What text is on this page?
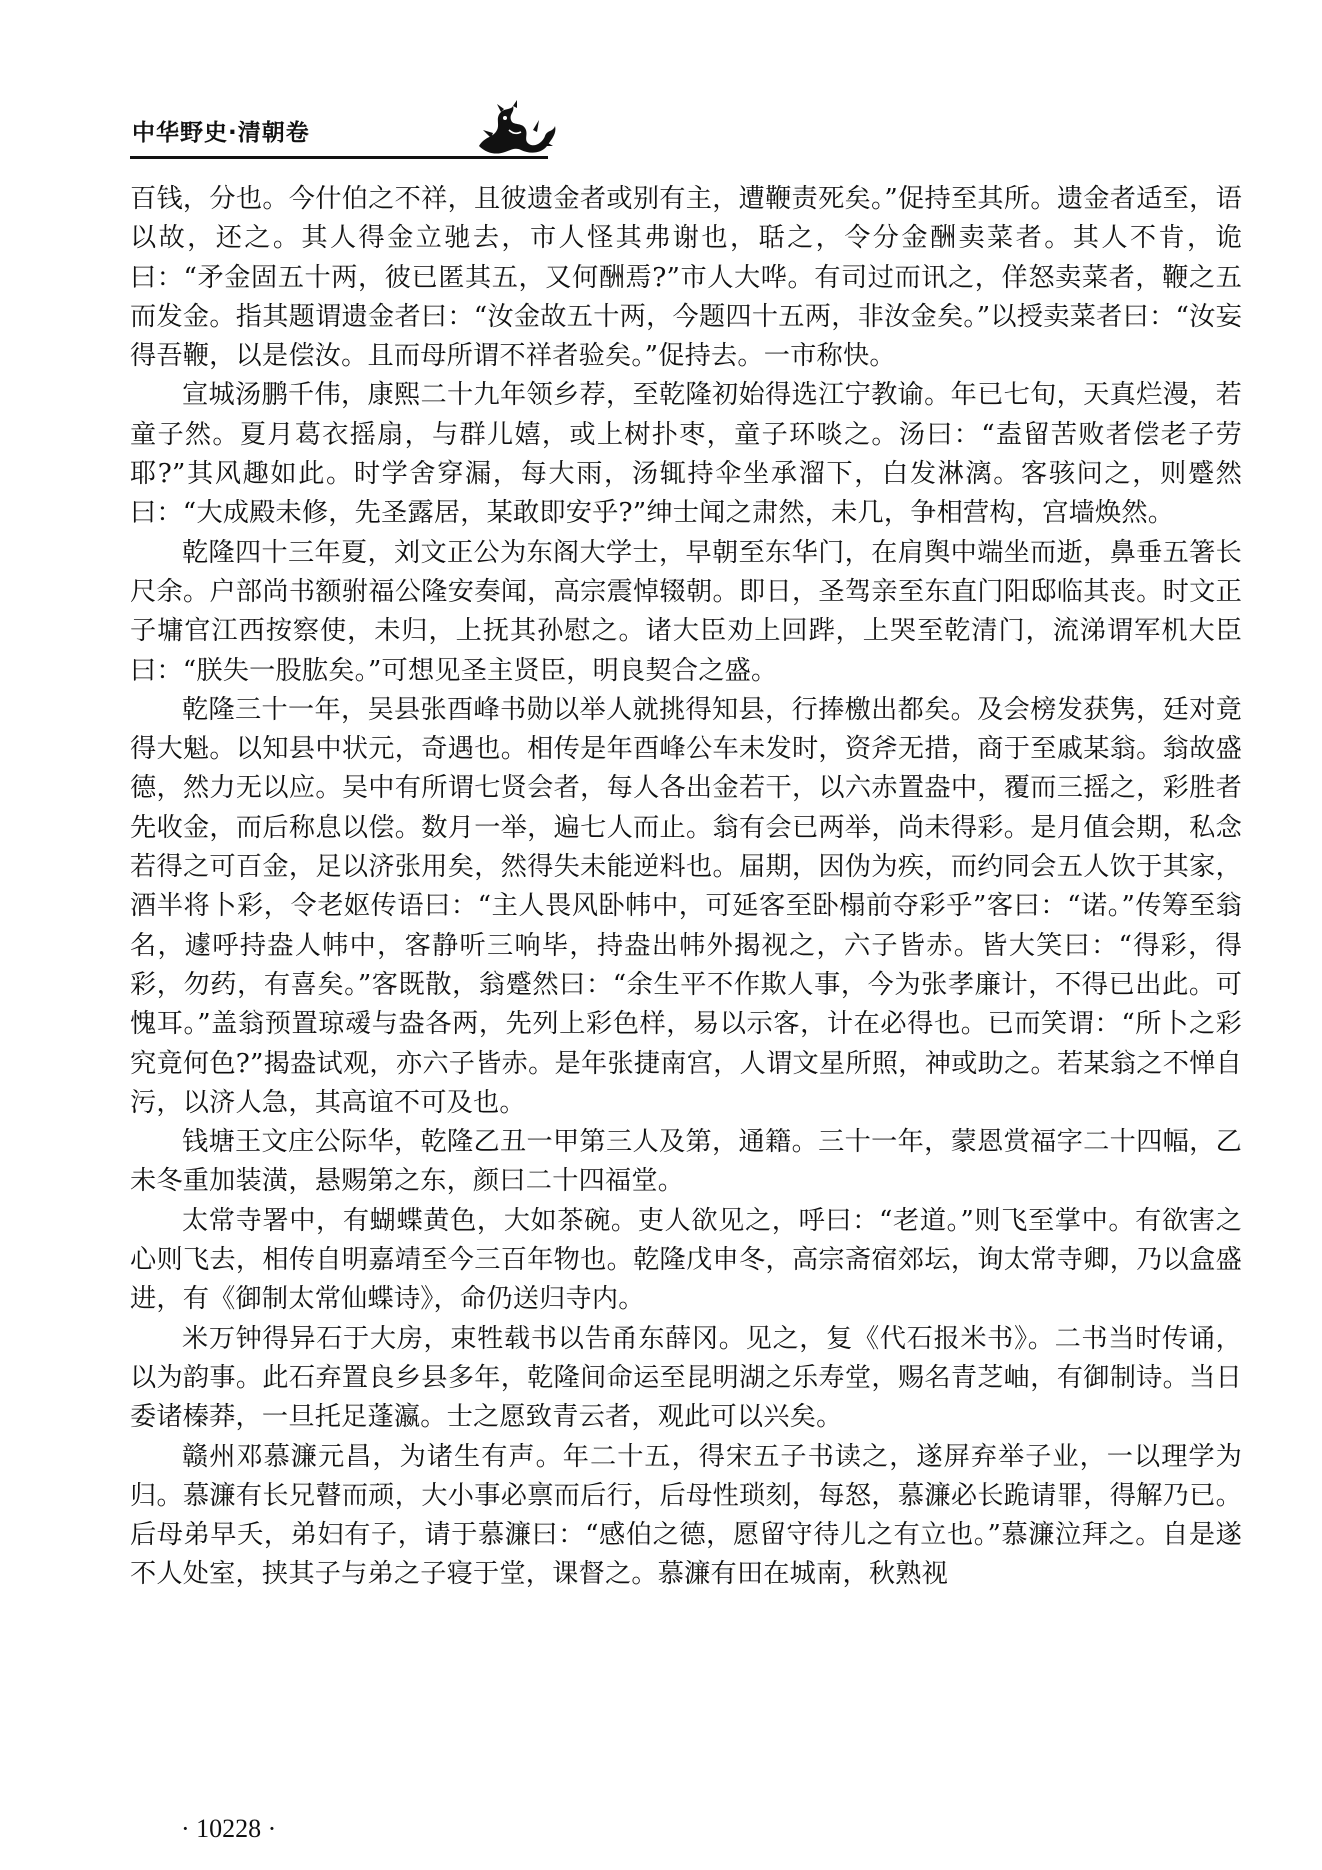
中华野史·清朝卷

百钱，分也。今什伯之不祥，且彼遗金者或别有主，遭鞭责死矣。”促持至其所。遗金者适至，语以故，还之。其人得金立驰去，市人怪其弗谢也，聒之，令分金酬卖菜者。其人不肯，诡曰：“矛金固五十两，彼已匿其五，又何酬焉?”市人大哗。有司过而讯之，佯怒卖菜者，鞭之五而发金。指其题谓遗金者曰：“汝金故五十两，今题四十五两，非汝金矣。”以授卖菜者曰：“汝妄得吾鞭，以是偿汝。且而母所谓不祥者验矣。”促持去。一市称快。

宣城汤鹏千伟，康熙二十九年领乡荐，至乾隆初始得选江宁教谕。年已七旬，天真烂漫，若童子然。夏月葛衣摇扇，与群儿嬉，或上树扑枣，童子环啖之。汤曰：“盍留苦败者偿老子劳耶?”其风趣如此。时学舍穿漏，每大雨，汤辄持伞坐承溜下，白发淋漓。客骇问之，则蹙然曰：“大成殿未修，先圣露居，某敢即安乎?”绅士闻之肃然，未几，争相营构，宫墙焕然。

乾隆四十三年夏，刘文正公为东阁大学士，早朝至东华门，在肩舆中端坐而逝，鼻垂五箸长尺余。户部尚书额驸福公隆安奏闻，高宗震悼辍朝。即日，圣驾亲至东直门阳邸临其丧。时文正子墉官江西按察使，未归，上抚其孙慰之。诸大臣劝上回跸，上哭至乾清门，流涕谓军机大臣曰：“朕失一股肱矣。”可想见圣主贤臣，明良契合之盛。

乾隆三十一年，吴县张酉峰书勋以举人就挑得知县，行捧檄出都矣。及会榜发获隽，廷对竟得大魁。以知县中状元，奇遇也。相传是年酉峰公车未发时，资斧无措，商于至戚某翁。翁故盛德，然力无以应。吴中有所谓七贤会者，每人各出金若干，以六赤置盎中，覆而三摇之，彩胜者先收金，而后称息以偿。数月一举，遍七人而止。翁有会已两举，尚未得彩。是月值会期，私念若得之可百金，足以济张用矣，然得失未能逆料也。届期，因伪为疾，而约同会五人饮于其家，酒半将卜彩，令老妪传语曰：“主人畏风卧帏中，可延客至卧榻前夺彩乎”客曰：“诺。”传筹至翁名，遽呼持盎人帏中，客静听三响毕，持盎出帏外揭视之，六子皆赤。皆大笑曰：“得彩，得彩，勿药，有喜矣。”客既散，翁蹙然曰：“余生平不作欺人事，今为张孝廉计，不得已出此。可愧耳。”盖翁预置琼叆与盎各两，先列上彩色样，易以示客，计在必得也。已而笑谓：“所卜之彩究竟何色?”揭盎试观，亦六子皆赤。是年张捷南宫，人谓文星所照，神或助之。若某翁之不惮自污，以济人急，其高谊不可及也。

钱塘王文庄公际华，乾隆乙丑一甲第三人及第，通籍。三十一年，蒙恩赏福字二十四幅，乙未冬重加装潢，悬赐第之东，颜曰二十四福堂。

太常寺署中，有蝴蝶黄色，大如茶碗。吏人欲见之，呼曰：“老道。”则飞至掌中。有欲害之心则飞去，相传自明嘉靖至今三百年物也。乾隆戊申冬，高宗斋宿郊坛，询太常寺卿，乃以盒盛进，有《御制太常仙蝶诗》，命仍送归寺内。

米万钟得异石于大房，束牲载书以告甬东薛冈。见之，复《代石报米书》。二书当时传诵，以为韵事。此石弃置良乡县多年，乾隆间命运至昆明湖之乐寿堂，赐名青芝岫，有御制诗。当日委诸榛莽，一旦托足蓬瀛。士之愿致青云者，观此可以兴矣。

赣州邓慕濂元昌，为诸生有声。年二十五，得宋五子书读之，遂屏弃举子业，一以理学为归。慕濂有长兄瞽而顽，大小事必禀而后行，后母性琐刻，每怒，慕濂必长跪请罪，得解乃已。后母弟早夭，弟妇有子，请于慕濂曰：“感伯之德，愿留守待儿之有立也。”慕濂泣拜之。自是遂不人处室，挟其子与弟之子寝于堂，课督之。慕濂有田在城南，秋熟视

· 10228 ·
